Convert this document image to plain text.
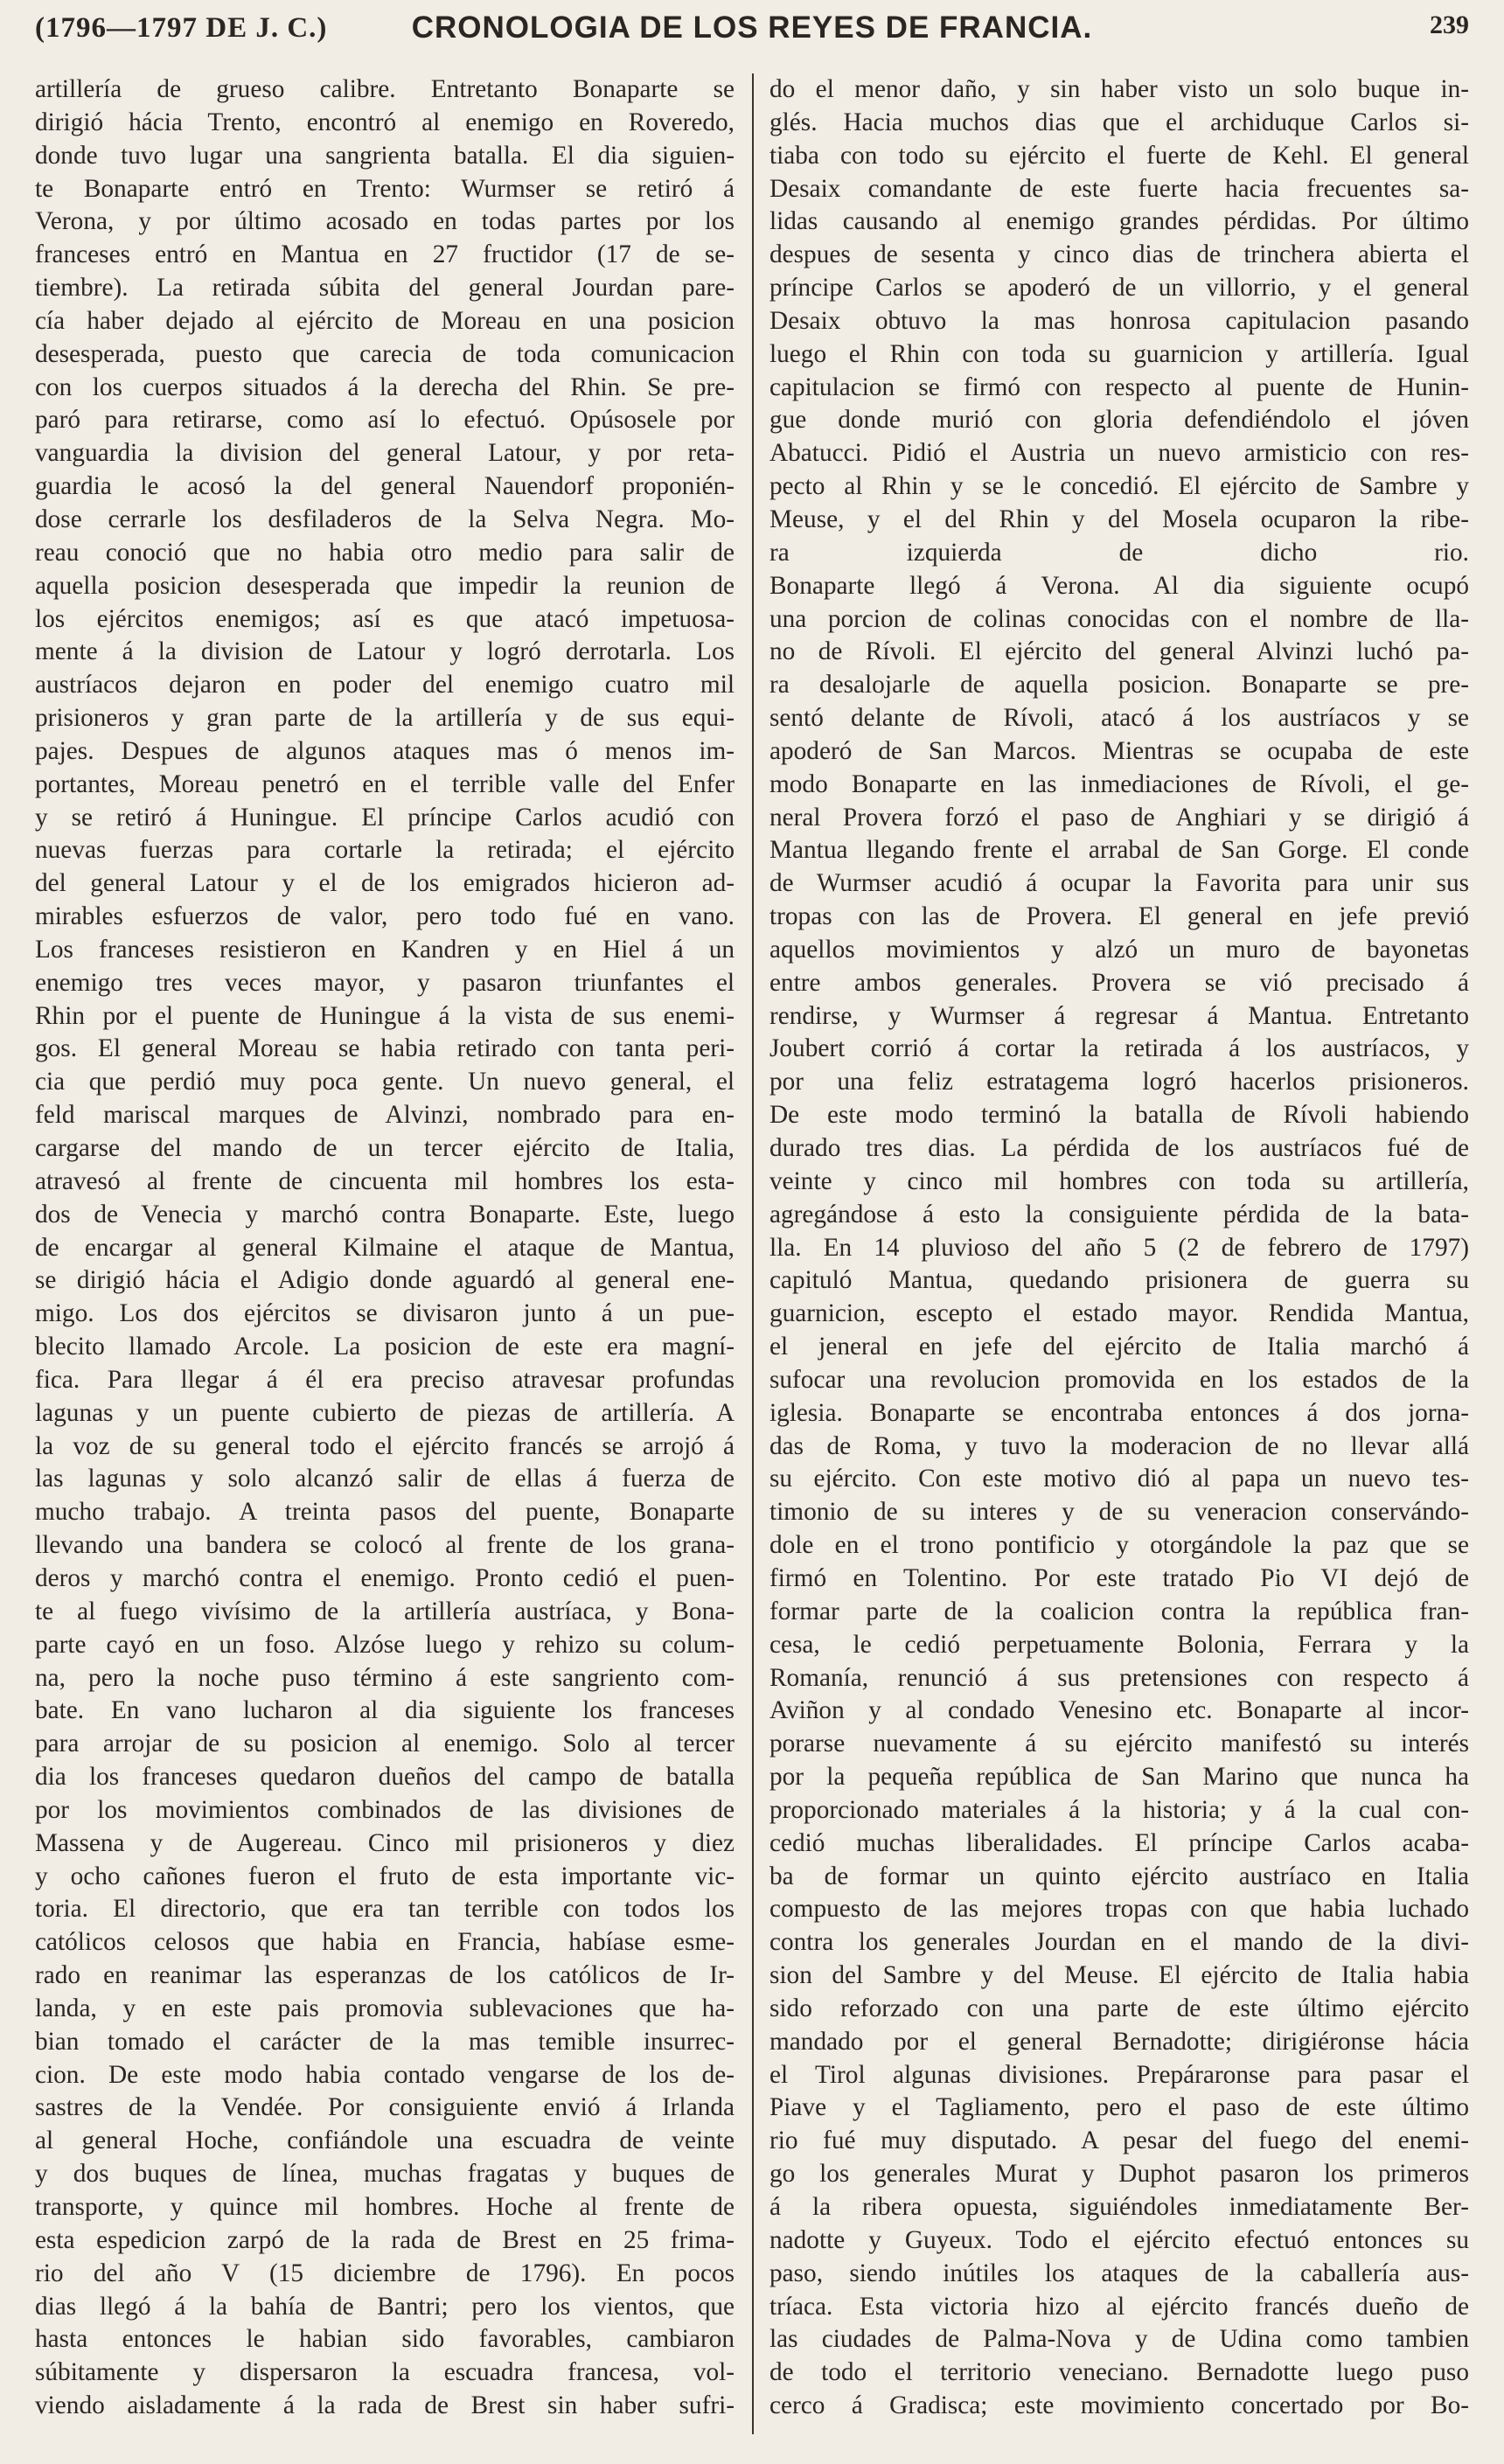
(1796—1797 DE J. C.)	CRONOLOGIA DE LOS REYES DE FRANCIA.	239
artillería de grueso calibre. Entretanto Bonaparte se
dirigió hácia Trento, encontró al enemigo en Roveredo,
donde tuvo lugar una sangrienta batalla. El dia siguien-
te Bonaparte entró en Trento: Wurmser se retiró á
Verona, y por último acosado en todas partes por los
franceses entró en Mantua en 27 fructidor (17 de se-
tiembre). La retirada súbita del general Jourdan pare-
cía haber dejado al ejército de Moreau en una posicion
desesperada, puesto que carecia de toda comunicacion
con los cuerpos situados á la derecha del Rhin. Se pre-
paró para retirarse, como así lo efectuó. Opúsosele por
vanguardia la division del general Latour, y por reta-
guardia le acosó la del general Nauendorf proponién-
dose cerrarle los desfiladeros de la Selva Negra. Mo-
reau conoció que no habia otro medio para salir de
aquella posicion desesperada que impedir la reunion de
los ejércitos enemigos; así es que atacó impetuosa-
mente á la division de Latour y logró derrotarla. Los
austríacos dejaron en poder del enemigo cuatro mil
prisioneros y gran parte de la artillería y de sus equi-
pajes. Despues de algunos ataques mas ó menos im-
portantes, Moreau penetró en el terrible valle del Enfer
y se retiró á Huningue. El príncipe Carlos acudió con
nuevas fuerzas para cortarle la retirada; el ejército
del general Latour y el de los emigrados hicieron ad-
mirables esfuerzos de valor, pero todo fué en vano.
Los franceses resistieron en Kandren y en Hiel á un
enemigo tres veces mayor, y pasaron triunfantes el
Rhin por el puente de Huningue á la vista de sus enemi-
gos. El general Moreau se habia retirado con tanta peri-
cia que perdió muy poca gente. Un nuevo general, el
feld mariscal marques de Alvinzi, nombrado para en-
cargarse del mando de un tercer ejército de Italia,
atravesó al frente de cincuenta mil hombres los esta-
dos de Venecia y marchó contra Bonaparte. Este, luego
de encargar al general Kilmaine el ataque de Mantua,
se dirigió hácia el Adigio donde aguardó al general ene-
migo. Los dos ejércitos se divisaron junto á un pue-
blecito llamado Arcole. La posicion de este era magní-
fica. Para llegar á él era preciso atravesar profundas
lagunas y un puente cubierto de piezas de artillería. A
la voz de su general todo el ejército francés se arrojó á
las lagunas y solo alcanzó salir de ellas á fuerza de
mucho trabajo. A treinta pasos del puente, Bonaparte
llevando una bandera se colocó al frente de los grana-
deros y marchó contra el enemigo. Pronto cedió el puen-
te al fuego vivísimo de la artillería austríaca, y Bona-
parte cayó en un foso. Alzóse luego y rehizo su colum-
na, pero la noche puso término á este sangriento com-
bate. En vano lucharon al dia siguiente los franceses
para arrojar de su posicion al enemigo. Solo al tercer
dia los franceses quedaron dueños del campo de batalla
por los movimientos combinados de las divisiones de
Massena y de Augereau. Cinco mil prisioneros y diez
y ocho cañones fueron el fruto de esta importante vic-
toria. El directorio, que era tan terrible con todos los
católicos celosos que habia en Francia, habíase esme-
rado en reanimar las esperanzas de los católicos de Ir-
landa, y en este pais promovia sublevaciones que ha-
bian tomado el carácter de la mas temible insurrec-
cion. De este modo habia contado vengarse de los de-
sastres de la Vendée. Por consiguiente envió á Irlanda
al general Hoche, confiándole una escuadra de veinte
y dos buques de línea, muchas fragatas y buques de
transporte, y quince mil hombres. Hoche al frente de
esta espedicion zarpó de la rada de Brest en 25 frima-
rio del año V (15 diciembre de 1796). En pocos
dias llegó á la bahía de Bantri; pero los vientos, que
hasta entonces le habian sido favorables, cambiaron
súbitamente y dispersaron la escuadra francesa, vol-
viendo aisladamente á la rada de Brest sin haber sufri-
do el menor daño, y sin haber visto un solo buque in-
glés. Hacia muchos dias que el archiduque Carlos si-
tiaba con todo su ejército el fuerte de Kehl. El general
Desaix comandante de este fuerte hacia frecuentes sa-
lidas causando al enemigo grandes pérdidas. Por último
despues de sesenta y cinco dias de trinchera abierta el
príncipe Carlos se apoderó de un villorrio, y el general
Desaix obtuvo la mas honrosa capitulacion pasando
luego el Rhin con toda su guarnicion y artillería. Igual
capitulacion se firmó con respecto al puente de Hunin-
gue donde murió con gloria defendiéndolo el jóven
Abatucci. Pidió el Austria un nuevo armisticio con res-
pecto al Rhin y se le concedió. El ejército de Sambre y
Meuse, y el del Rhin y del Mosela ocuparon la ribe-
ra izquierda de dicho rio.
Bonaparte llegó á Verona. Al dia siguiente ocupó
una porcion de colinas conocidas con el nombre de lla-
no de Rívoli. El ejército del general Alvinzi luchó pa-
ra desalojarle de aquella posicion. Bonaparte se pre-
sentó delante de Rívoli, atacó á los austríacos y se
apoderó de San Marcos. Mientras se ocupaba de este
modo Bonaparte en las inmediaciones de Rívoli, el ge-
neral Provera forzó el paso de Anghiari y se dirigió á
Mantua llegando frente el arrabal de San Gorge. El conde
de Wurmser acudió á ocupar la Favorita para unir sus
tropas con las de Provera. El general en jefe previó
aquellos movimientos y alzó un muro de bayonetas
entre ambos generales. Provera se vió precisado á
rendirse, y Wurmser á regresar á Mantua. Entretanto
Joubert corrió á cortar la retirada á los austríacos, y
por una feliz estratagema logró hacerlos prisioneros.
De este modo terminó la batalla de Rívoli habiendo
durado tres dias. La pérdida de los austríacos fué de
veinte y cinco mil hombres con toda su artillería,
agregándose á esto la consiguiente pérdida de la bata-
lla. En 14 pluvioso del año 5 (2 de febrero de 1797)
capituló Mantua, quedando prisionera de guerra su
guarnicion, escepto el estado mayor. Rendida Mantua,
el jeneral en jefe del ejército de Italia marchó á
sufocar una revolucion promovida en los estados de la
iglesia. Bonaparte se encontraba entonces á dos jorna-
das de Roma, y tuvo la moderacion de no llevar allá
su ejército. Con este motivo dió al papa un nuevo tes-
timonio de su interes y de su veneracion conservándo-
dole en el trono pontificio y otorgándole la paz que se
firmó en Tolentino. Por este tratado Pio VI dejó de
formar parte de la coalicion contra la república fran-
cesa, le cedió perpetuamente Bolonia, Ferrara y la
Romanía, renunció á sus pretensiones con respecto á
Aviñon y al condado Venesino etc. Bonaparte al incor-
porarse nuevamente á su ejército manifestó su interés
por la pequeña república de San Marino que nunca ha
proporcionado materiales á la historia; y á la cual con-
cedió muchas liberalidades. El príncipe Carlos acaba-
ba de formar un quinto ejército austríaco en Italia
compuesto de las mejores tropas con que habia luchado
contra los generales Jourdan en el mando de la divi-
sion del Sambre y del Meuse. El ejército de Italia habia
sido reforzado con una parte de este último ejército
mandado por el general Bernadotte; dirigiéronse hácia
el Tirol algunas divisiones. Prepáraronse para pasar el
Piave y el Tagliamento, pero el paso de este último
rio fué muy disputado. A pesar del fuego del enemi-
go los generales Murat y Duphot pasaron los primeros
á la ribera opuesta, siguiéndoles inmediatamente Ber-
nadotte y Guyeux. Todo el ejército efectuó entonces su
paso, siendo inútiles los ataques de la caballería aus-
tríaca. Esta victoria hizo al ejército francés dueño de
las ciudades de Palma-Nova y de Udina como tambien
de todo el territorio veneciano. Bernadotte luego puso
cerco á Gradisca; este movimiento concertado por Bo-
